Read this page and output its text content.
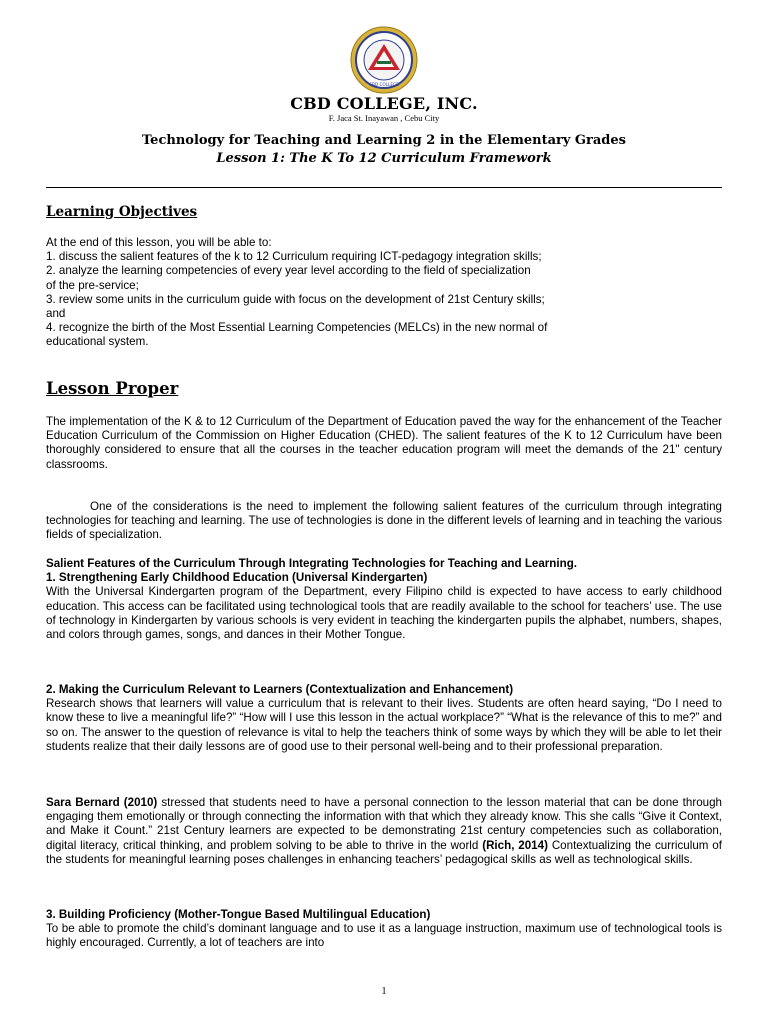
CBD COLLEGE
CBD COLLEGE, INC.
F. Jaca St. Inayawan , Cebu City
Technology for Teaching and Learning 2 in the Elementary Grades
Lesson 1: The K To 12 Curriculum Framework
Learning Objectives

At the end of this lesson, you will be able to:

1. discuss the salient features of the k to 12 Curriculum requiring ICT-pedagogy integration skills;

2. analyze the learning competencies of every year level according to the field of specialization

of the pre-service;

3. review some units in the curriculum guide with focus on the development of 21st Century skills;

and

4. recognize the birth of the Most Essential Learning Competencies (MELCs) in the new normal of

educational system.

Lesson Proper
The implementation of the K & to 12 Curriculum of the Department of Education paved the way for the enhancement of the Teacher Education Curriculum of the Commission on Higher Education (CHED). The salient features of the K to 12 Curriculum have been thoroughly considered to ensure that all the courses in the teacher education program will meet the demands of the 21" century classrooms.
One of the considerations is the need to implement the following salient features of the curriculum through integrating technologies for teaching and learning. The use of technologies is done in the different levels of learning and in teaching the various fields of specialization.

Salient Features of the Curriculum Through Integrating Technologies for Teaching and Learning.

1. Strengthening Early Childhood Education (Universal Kindergarten)

With the Universal Kindergarten program of the Department, every Filipino child is expected to have access to early childhood education. This access can be facilitated using technological tools that are readily available to the school for teachers’ use. The use of technology in Kindergarten by various schools is very evident in teaching the kindergarten pupils the alphabet, numbers, shapes, and colors through games, songs, and dances in their Mother Tongue.

2. Making the Curriculum Relevant to Learners (Contextualization and Enhancement)

Research shows that learners will value a curriculum that is relevant to their lives. Students are often heard saying, “Do I need to know these to live a meaningful life?” “How will I use this lesson in the actual workplace?” “What is the relevance of this to me?” and so on. The answer to the question of relevance is vital to help the teachers think of some ways by which they will be able to let their students realize that their daily lessons are of good use to their personal well-being and to their professional preparation.

Sara Bernard (2010) stressed that students need to have a personal connection to the lesson material that can be done through engaging them emotionally or through connecting the information with that which they already know. This she calls “Give it Context, and Make it Count.” 21st Century learners are expected to be demonstrating 21st century competencies such as collaboration, digital literacy, critical thinking, and problem solving to be able to thrive in the world (Rich, 2014) Contextualizing the curriculum of the students for meaningful learning poses challenges in enhancing teachers’ pedagogical skills as well as technological skills.

3. Building Proficiency (Mother-Tongue Based Multilingual Education)

To be able to promote the child’s dominant language and to use it as a language instruction, maximum use of technological tools is highly encouraged. Currently, a lot of teachers are into

1
